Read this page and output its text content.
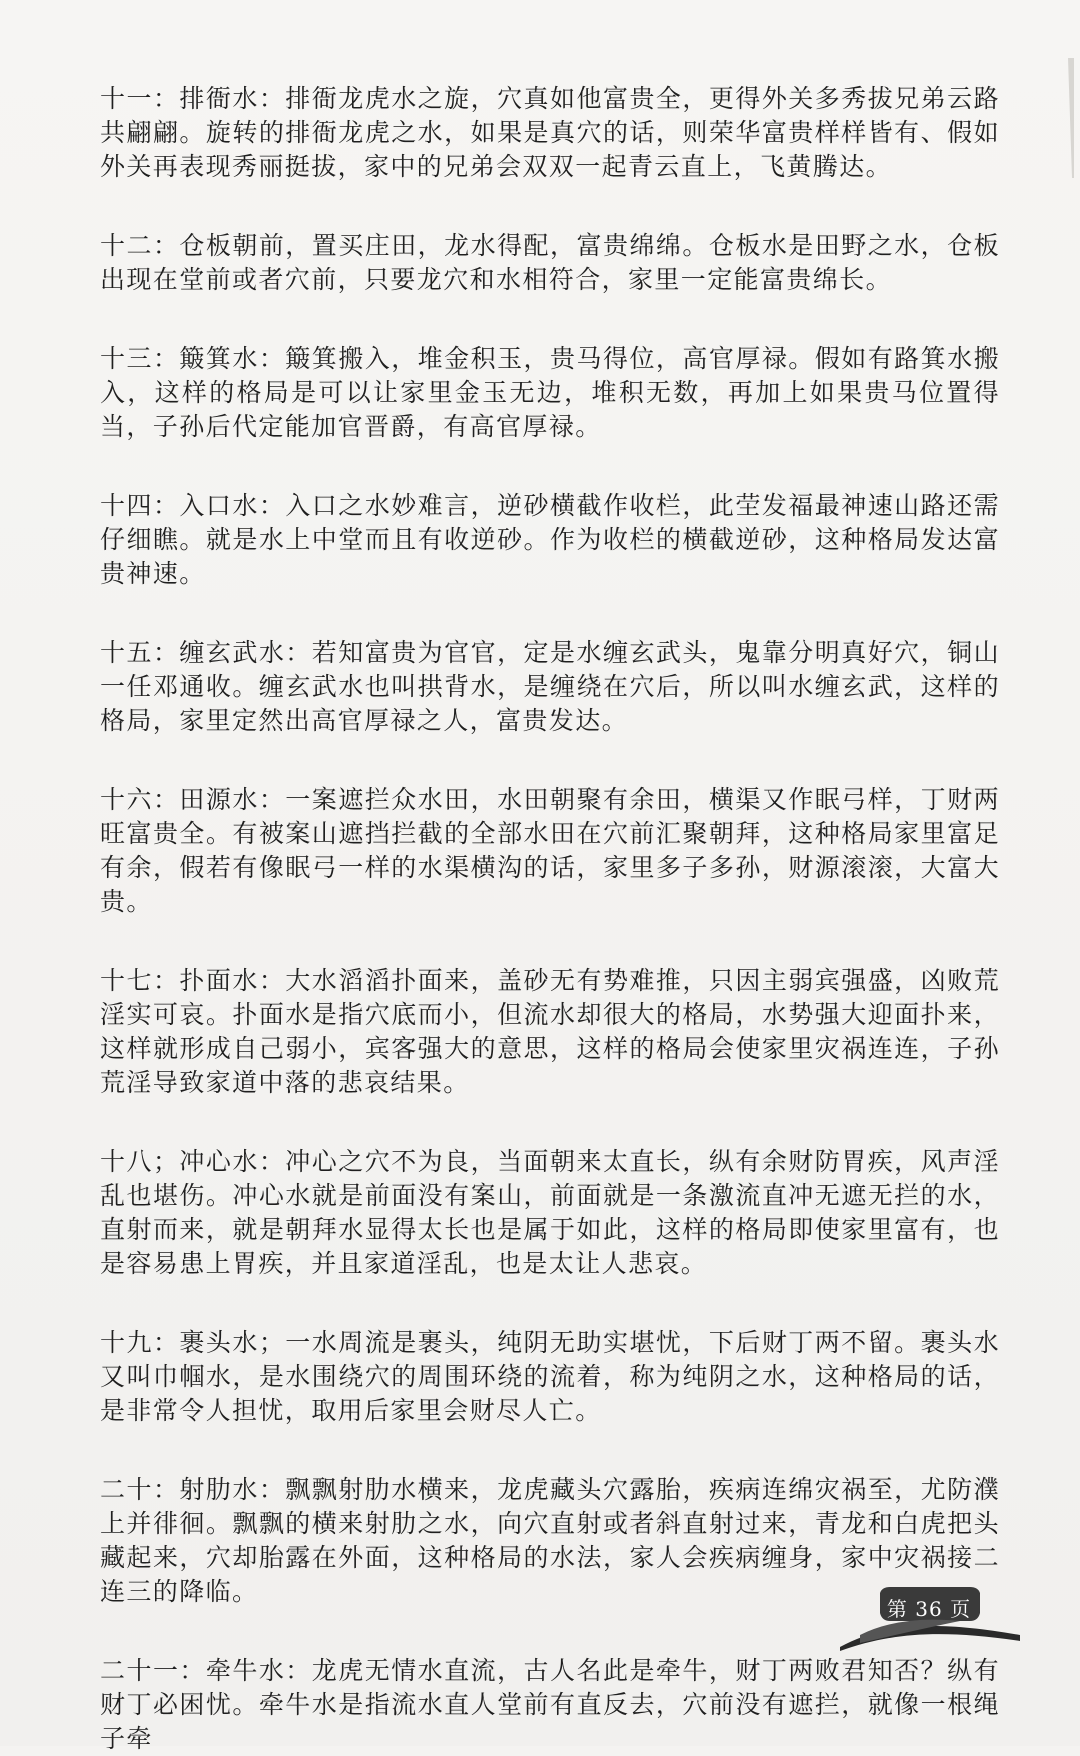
十一：排衙水：排衙龙虎水之旋，穴真如他富贵全，更得外关多秀拔兄弟云路共翩翩。旋转的排衙龙虎之水，如果是真穴的话，则荣华富贵样样皆有、假如外关再表现秀丽挺拔，家中的兄弟会双双一起青云直上，飞黄腾达。

十二：仓板朝前，置买庄田，龙水得配，富贵绵绵。仓板水是田野之水，仓板出现在堂前或者穴前，只要龙穴和水相符合，家里一定能富贵绵长。

十三：簸箕水：簸箕搬入，堆金积玉，贵马得位，高官厚禄。假如有路箕水搬入，这样的格局是可以让家里金玉无边，堆积无数，再加上如果贵马位置得当，子孙后代定能加官晋爵，有高官厚禄。

十四：入口水：入口之水妙难言，逆砂横截作收栏，此茔发福最神速山路还需仔细瞧。就是水上中堂而且有收逆砂。作为收栏的横截逆砂，这种格局发达富贵神速。

十五：缠玄武水：若知富贵为官官，定是水缠玄武头，鬼靠分明真好穴，铜山一任邓通收。缠玄武水也叫拱背水，是缠绕在穴后，所以叫水缠玄武，这样的格局，家里定然出高官厚禄之人，富贵发达。

十六：田源水：一案遮拦众水田，水田朝聚有余田，横渠又作眠弓样，丁财两旺富贵全。有被案山遮挡拦截的全部水田在穴前汇聚朝拜，这种格局家里富足有余，假若有像眠弓一样的水渠横沟的话，家里多子多孙，财源滚滚，大富大贵。

十七：扑面水：大水滔滔扑面来，盖砂无有势难推，只因主弱宾强盛，凶败荒淫实可哀。扑面水是指穴底而小，但流水却很大的格局，水势强大迎面扑来，这样就形成自己弱小，宾客强大的意思，这样的格局会使家里灾祸连连，子孙荒淫导致家道中落的悲哀结果。

十八；冲心水：冲心之穴不为良，当面朝来太直长，纵有余财防胃疾，风声淫乱也堪伤。冲心水就是前面没有案山，前面就是一条激流直冲无遮无拦的水，直射而来，就是朝拜水显得太长也是属于如此，这样的格局即使家里富有，也是容易患上胃疾，并且家道淫乱，也是太让人悲哀。

十九：裹头水；一水周流是裹头，纯阴无助实堪忧，下后财丁两不留。裹头水又叫巾帼水，是水围绕穴的周围环绕的流着，称为纯阴之水，这种格局的话，是非常令人担忧，取用后家里会财尽人亡。

二十：射肋水：飘飘射肋水横来，龙虎藏头穴露胎，疾病连绵灾祸至，尤防濮上并徘徊。飘飘的横来射肋之水，向穴直射或者斜直射过来，青龙和白虎把头藏起来，穴却胎露在外面，这种格局的水法，家人会疾病缠身，家中灾祸接二连三的降临。

二十一：牵牛水：龙虎无情水直流，古人名此是牵牛，财丁两败君知否？纵有财丁必困忧。牵牛水是指流水直人堂前有直反去，穴前没有遮拦，就像一根绳子牵

第 36 页
